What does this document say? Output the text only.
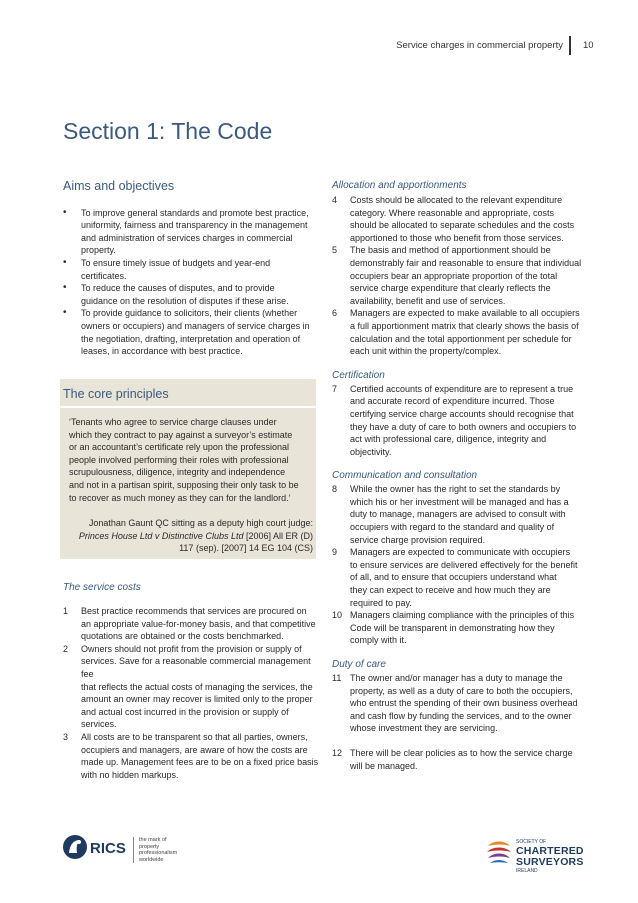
Service charges in commercial property 10
Section 1: The Code
Aims and objectives
• To improve general standards and promote best practice,
uniformity, fairness and transparency in the management
and administration of services charges in commercial
property.
• To ensure timely issue of budgets and year-end
certificates.
• To reduce the causes of disputes, and to provide
guidance on the resolution of disputes if these arise.
• To provide guidance to solicitors, their clients (whether
owners or occupiers) and managers of service charges in
the negotiation, drafting, interpretation and operation of
leases, in accordance with best practice.
The core principles
‘Tenants who agree to service charge clauses under
which they contract to pay against a surveyor’s estimate
or an accountant’s certificate rely upon the professional
people involved performing their roles with professional
scrupulousness, diligence, integrity and independence
and not in a partisan spirit, supposing their only task to be
to recover as much money as they can for the landlord.’
Jonathan Gaunt QC sitting as a deputy high court judge:
Princes House Ltd v Distinctive Clubs Ltd [2006] All ER (D)
117 (sep). [2007] 14 EG 104 (CS)
The service costs
1 Best practice recommends that services are procured on
an appropriate value-for-money basis, and that competitive
quotations are obtained or the costs benchmarked.
2 Owners should not profit from the provision or supply of
services. Save for a reasonable commercial management fee
that reflects the actual costs of managing the services, the
amount an owner may recover is limited only to the proper
and actual cost incurred in the provision or supply of services.
3 All costs are to be transparent so that all parties, owners,
occupiers and managers, are aware of how the costs are
made up. Management fees are to be on a fixed price basis
with no hidden markups.
Allocation and apportionments
4 Costs should be allocated to the relevant expenditure
category. Where reasonable and appropriate, costs
should be allocated to separate schedules and the costs
apportioned to those who benefit from those services.
5 The basis and method of apportionment should be
demonstrably fair and reasonable to ensure that individual
occupiers bear an appropriate proportion of the total
service charge expenditure that clearly reflects the
availability, benefit and use of services.
6 Managers are expected to make available to all occupiers
a full apportionment matrix that clearly shows the basis of
calculation and the total apportionment per schedule for
each unit within the property/complex.
Certification
7 Certified accounts of expenditure are to represent a true
and accurate record of expenditure incurred. Those
certifying service charge accounts should recognise that
they have a duty of care to both owners and occupiers to
act with professional care, diligence, integrity and
objectivity.
Communication and consultation
8 While the owner has the right to set the standards by
which his or her investment will be managed and has a
duty to manage, managers are advised to consult with
occupiers with regard to the standard and quality of
service charge provision required.
9 Managers are expected to communicate with occupiers
to ensure services are delivered effectively for the benefit
of all, and to ensure that occupiers understand what
they can expect to receive and how much they are
required to pay.
10 Managers claiming compliance with the principles of this
Code will be transparent in demonstrating how they
comply with it.
Duty of care
11 The owner and/or manager has a duty to manage the
property, as well as a duty of care to both the occupiers,
who entrust the spending of their own business overhead
and cash flow by funding the services, and to the owner
whose investment they are servicing.
12 There will be clear policies as to how the service charge
will be managed.
RICS the mark of
property
professionalism
worldwide
SOCIETY OF
CHARTERED
SURVEYORS
IRELAND
